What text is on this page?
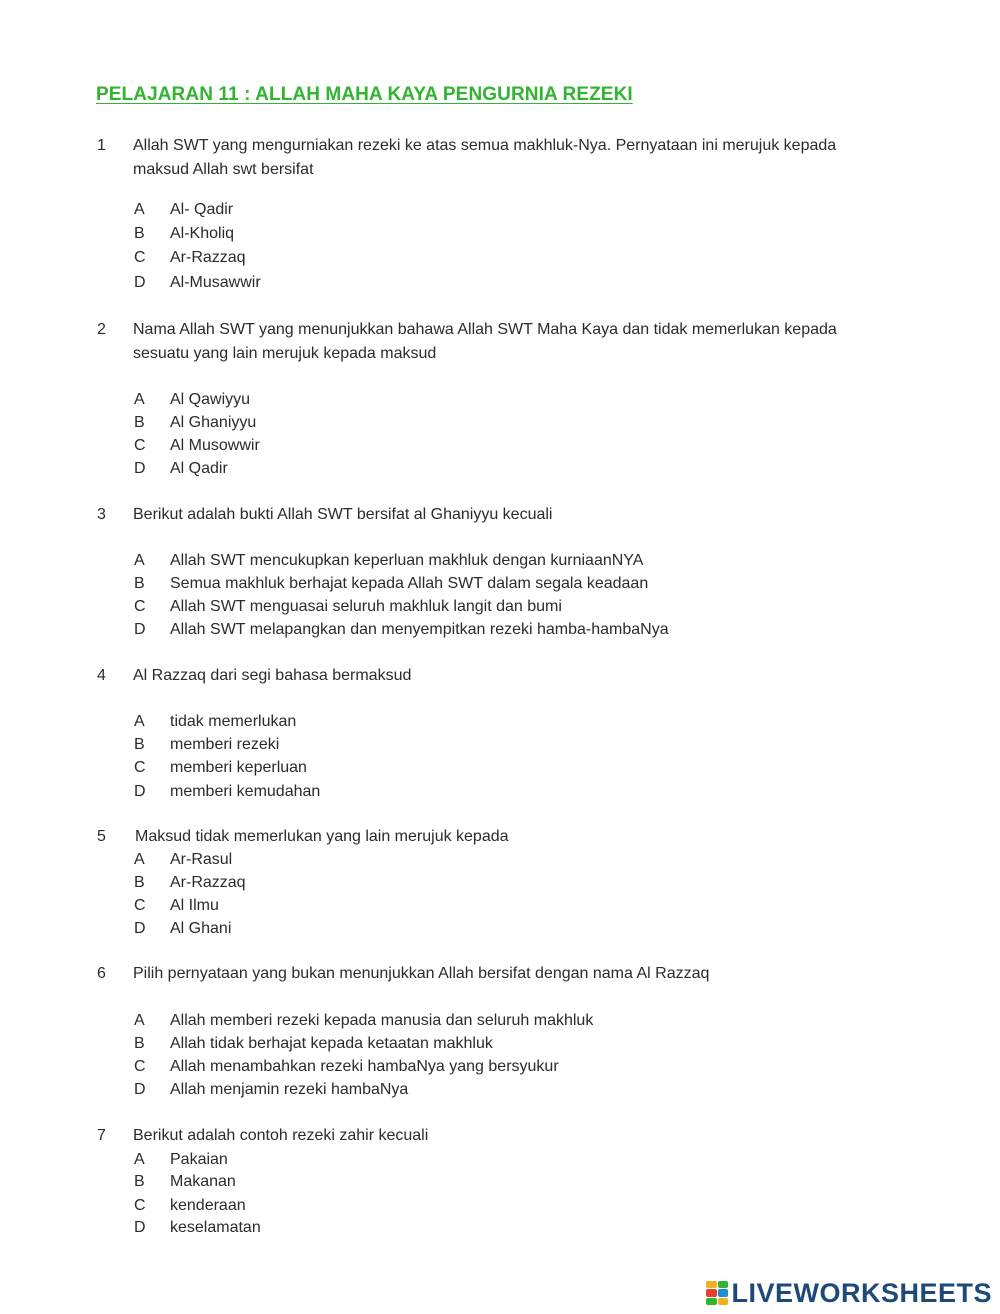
PELAJARAN 11 : ALLAH MAHA KAYA PENGURNIA REZEKI
1 Allah SWT yang mengurniakan rezeki ke atas semua makhluk-Nya. Pernyataan ini merujuk kepada maksud Allah swt bersifat
A Al- Qadir
B Al-Kholiq
C Ar-Razzaq
D Al-Musawwir
2 Nama Allah SWT yang menunjukkan bahawa Allah SWT Maha Kaya dan tidak memerlukan kepada sesuatu yang lain merujuk kepada maksud
A Al Qawiyyu
B Al Ghaniyyu
C Al Musowwir
D Al Qadir
3 Berikut adalah bukti Allah SWT bersifat al Ghaniyyu kecuali
A Allah SWT mencukupkan keperluan makhluk dengan kurniaanNYA
B Semua makhluk berhajat kepada Allah SWT dalam segala keadaan
C Allah SWT menguasai seluruh makhluk langit dan bumi
D Allah SWT melapangkan dan menyempitkan rezeki hamba-hambaNya
4 Al Razzaq dari segi bahasa bermaksud
A tidak memerlukan
B memberi rezeki
C memberi keperluan
D memberi kemudahan
5 Maksud tidak memerlukan yang lain merujuk kepada
A Ar-Rasul
B Ar-Razzaq
C Al Ilmu
D Al Ghani
6 Pilih pernyataan yang bukan menunjukkan Allah bersifat dengan nama Al Razzaq
A Allah memberi rezeki kepada manusia dan seluruh makhluk
B Allah tidak berhajat kepada ketaatan makhluk
C Allah menambahkan rezeki hambaNya yang bersyukur
D Allah menjamin rezeki hambaNya
7 Berikut adalah contoh rezeki zahir kecuali
A Pakaian
B Makanan
C kenderaan
D keselamatan
LIVEWORKSHEETS
